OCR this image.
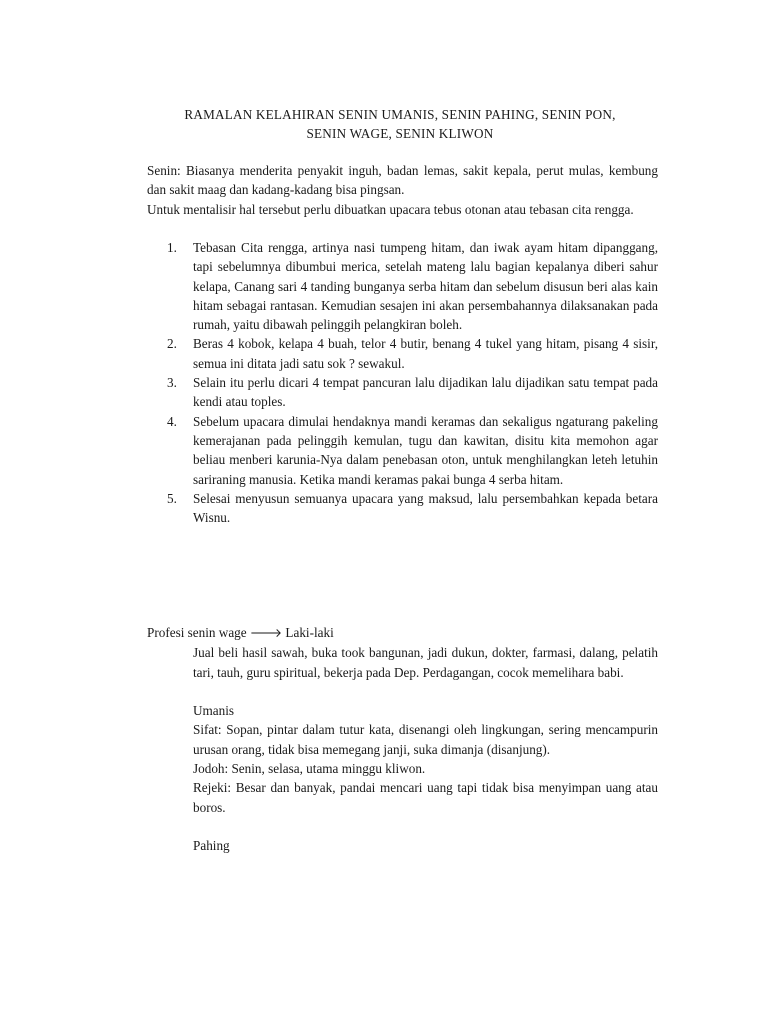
RAMALAN KELAHIRAN SENIN UMANIS, SENIN PAHING, SENIN PON,
SENIN WAGE, SENIN KLIWON

Senin: Biasanya menderita penyakit inguh, badan lemas, sakit kepala, perut mulas, kembung dan sakit maag dan kadang-kadang bisa pingsan.

Untuk mentalisir hal tersebut perlu dibuatkan upacara tebus otonan atau tebasan cita rengga.

1. Tebasan Cita rengga, artinya nasi tumpeng hitam, dan iwak ayam hitam dipanggang, tapi sebelumnya dibumbui merica, setelah mateng lalu bagian kepalanya diberi sahur kelapa, Canang sari 4 tanding bunganya serba hitam dan sebelum disusun beri alas kain hitam sebagai rantasan. Kemudian sesajen ini akan persembahannya dilaksanakan pada rumah, yaitu dibawah pelinggih pelangkiran boleh.
2. Beras 4 kobok, kelapa 4 buah, telor 4 butir, benang 4 tukel yang hitam, pisang 4 sisir, semua ini ditata jadi satu sok ? sewakul.
3. Selain itu perlu dicari 4 tempat pancuran lalu dijadikan lalu dijadikan satu tempat pada kendi atau toples.
4. Sebelum upacara dimulai hendaknya mandi keramas dan sekaligus ngaturang pakeling kemerajanan pada pelinggih kemulan, tugu dan kawitan, disitu kita memohon agar beliau menberi karunia-Nya dalam penebasan oton, untuk menghilangkan leteh letuhin sariraning manusia. Ketika mandi keramas pakai bunga 4 serba hitam.
5. Selesai menyusun semuanya upacara yang maksud, lalu persembahkan kepada betara Wisnu.
Profesi senin wage 🡒 Laki-laki

Jual beli hasil sawah, buka took bangunan, jadi dukun, dokter, farmasi, dalang, pelatih tari, tauh, guru spiritual, bekerja pada Dep. Perdagangan, cocok memelihara babi.

Umanis

Sifat: Sopan, pintar dalam tutur kata, disenangi oleh lingkungan, sering mencampurin urusan orang, tidak bisa memegang janji, suka dimanja (disanjung).

Jodoh: Senin, selasa, utama minggu kliwon.

Rejeki: Besar dan banyak, pandai mencari uang tapi tidak bisa menyimpan uang atau boros.

Pahing
